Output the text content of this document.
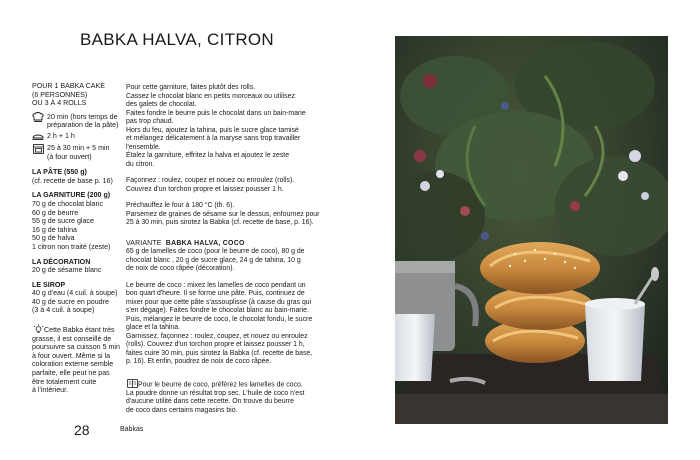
BABKA HALVA, CITRON
POUR 1 BABKA CAKE
(6 PERSONNES)
OU 3 À 4 ROLLS
20 min (hors temps de
préparation de la pâte)
2 h + 1 h
25 à 30 min + 5 min
(à four ouvert)
LA PÂTE (550 g)
(cf. recette de base p. 16)
LA GARNITURE (200 g)
70 g de chocolat blanc
60 g de beurre
55 g de sucre glace
16 g de tahina
50 g de halva
1 citron non traité (zeste)
LA DÉCORATION
20 g de sésame blanc
LE SIROP
40 g d'eau (4 cuil. à soupe)
40 g de sucre en poudre
(3 à 4 cuil. à soupe)
Cette Babka étant très
grasse, il est conseillé de
poursuivre sa cuisson 5 min
à four ouvert. Même si la
coloration externe semble
parfaite, elle peut ne pas
être totalement cuite
à l'intérieur.
Pour cette garniture, faites plutôt des rolls.
Cassez le chocolat blanc en petits morceaux ou utilisez
des galets de chocolat.
Faites fondre le beurre puis le chocolat dans un bain-marie
pas trop chaud.
Hors du feu, ajoutez la tahina, puis le sucre glace tamisé
et mélangez délicatement à la maryse sans trop travailler
l'ensemble.
Étalez la garniture, effritez la halva et ajoutez le zeste
du citron.
Façonnez : roulez, coupez et nouez ou enroulez (rolls).
Couvrez d'un torchon propre et laissez pousser 1 h.
Préchauffez le four à 180 °C (th. 6).
Parsemez de graines de sésame sur le dessus, enfournez pour
25 à 30 min, puis sirotez la Babka (cf. recette de base, p. 16).
VARIANTE BABKA HALVA, COCO
65 g de lamelles de coco (pour le beurre de coco), 80 g de
chocolat blanc , 20 g de sucre glace, 24 g de tahina, 10 g
de noix de coco râpée (décoration).
Le beurre de coco : mixez les lamelles de coco pendant un
bon quart d'heure. Il se forme une pâte. Puis, continuez de
mixer pour que cette pâte s'assouplisse (à cause du gras qui
s'en dégage). Faites fondre le chocolat blanc au bain-marie.
Puis, mélangez le beurre de coco, le chocolat fondu, le sucre
glace et la tahina.
Garnissez, façonnez : roulez, coupez, et nouez ou enroulez
(rolls). Couvrez d'un torchon propre et laissez pousser 1 h,
faites cuire 30 min, puis sirotez la Babka (cf. recette de base,
p. 16). Et enfin, poudrez de noix de coco râpée.
Pour le beurre de coco, préférez les lamelles de coco.
La poudre donne un résultat trop sec. L'huile de coco n'est
d'aucune utilité dans cette recette. On trouve du beurre
de coco dans certains magasins bio.
28	Babkas
